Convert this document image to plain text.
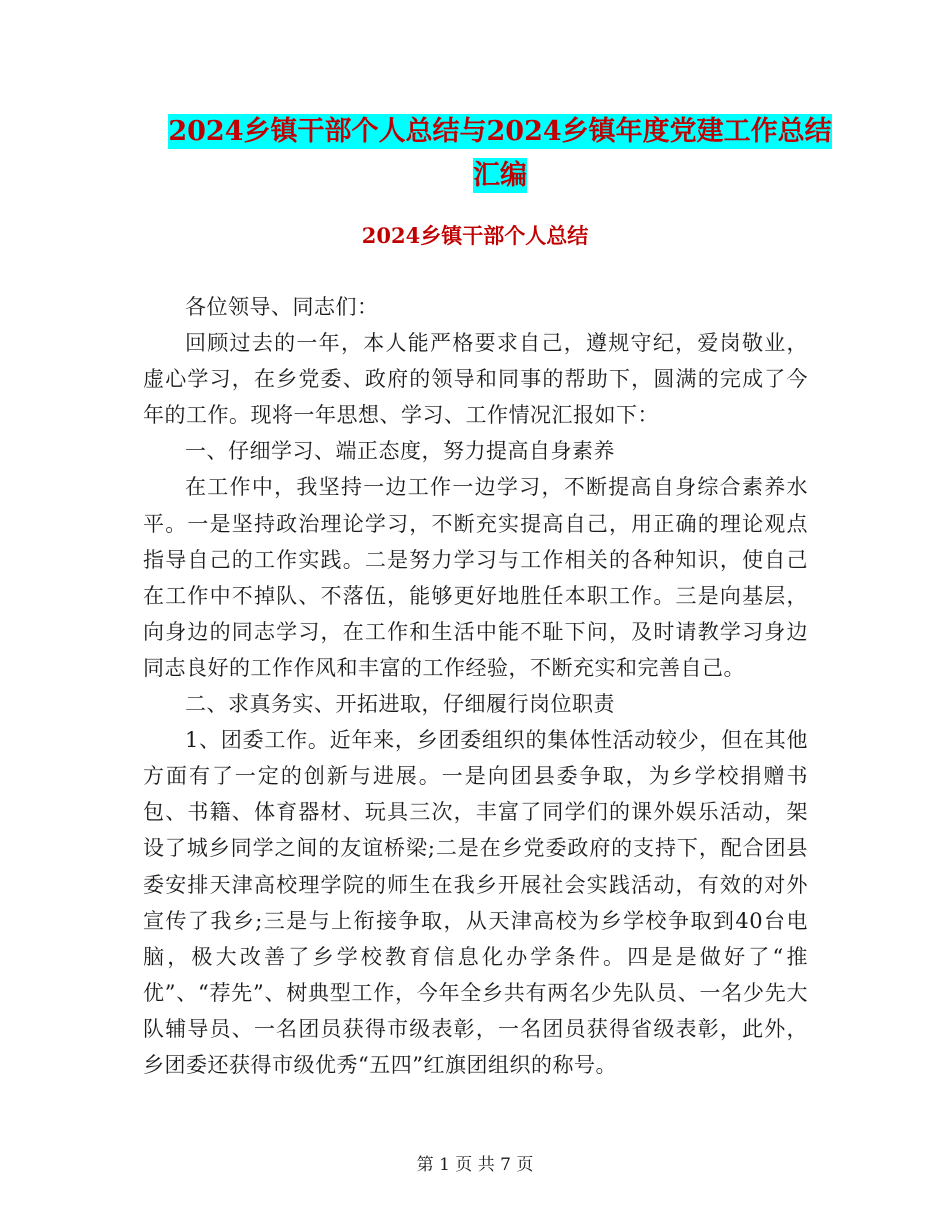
2024乡镇干部个人总结与2024乡镇年度党建工作总结
汇编
2024乡镇干部个人总结

各位领导、同志们：

回顾过去的一年，本人能严格要求自己，遵规守纪，爱岗敬业，虚心学习，在乡党委、政府的领导和同事的帮助下，圆满的完成了今年的工作。现将一年思想、学习、工作情况汇报如下：

一、仔细学习、端正态度，努力提高自身素养

在工作中，我坚持一边工作一边学习，不断提高自身综合素养水平。一是坚持政治理论学习，不断充实提高自己，用正确的理论观点指导自己的工作实践。二是努力学习与工作相关的各种知识，使自己在工作中不掉队、不落伍，能够更好地胜任本职工作。三是向基层，向身边的同志学习，在工作和生活中能不耻下问，及时请教学习身边同志良好的工作作风和丰富的工作经验，不断充实和完善自己。

二、求真务实、开拓进取，仔细履行岗位职责

1、团委工作。近年来，乡团委组织的集体性活动较少，但在其他方面有了一定的创新与进展。一是向团县委争取，为乡学校捐赠书包、书籍、体育器材、玩具三次，丰富了同学们的课外娱乐活动，架设了城乡同学之间的友谊桥梁;二是在乡党委政府的支持下，配合团县委安排天津高校理学院的师生在我乡开展社会实践活动，有效的对外宣传了我乡;三是与上衔接争取，从天津高校为乡学校争取到40台电脑，极大改善了乡学校教育信息化办学条件。四是是做好了“推优”、“荐先”、树典型工作，今年全乡共有两名少先队员、一名少先大队辅导员、一名团员获得市级表彰，一名团员获得省级表彰，此外，乡团委还获得市级优秀“五四”红旗团组织的称号。

第 1 页 共 7 页
